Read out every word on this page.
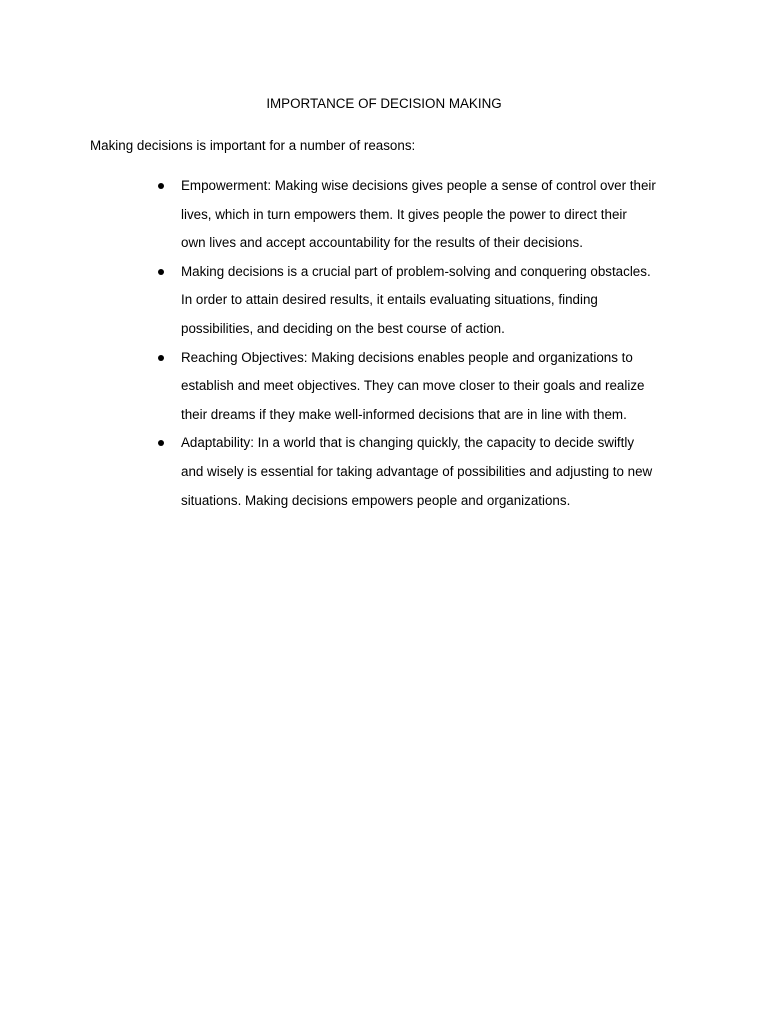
IMPORTANCE OF DECISION MAKING

Making decisions is important for a number of reasons:

Empowerment: Making wise decisions gives people a sense of control over their
lives, which in turn empowers them. It gives people the power to direct their
own lives and accept accountability for the results of their decisions.
Making decisions is a crucial part of problem-solving and conquering obstacles.
In order to attain desired results, it entails evaluating situations, finding
possibilities, and deciding on the best course of action.
Reaching Objectives: Making decisions enables people and organizations to
establish and meet objectives. They can move closer to their goals and realize
their dreams if they make well-informed decisions that are in line with them.
Adaptability: In a world that is changing quickly, the capacity to decide swiftly
and wisely is essential for taking advantage of possibilities and adjusting to new
situations. Making decisions empowers people and organizations.
